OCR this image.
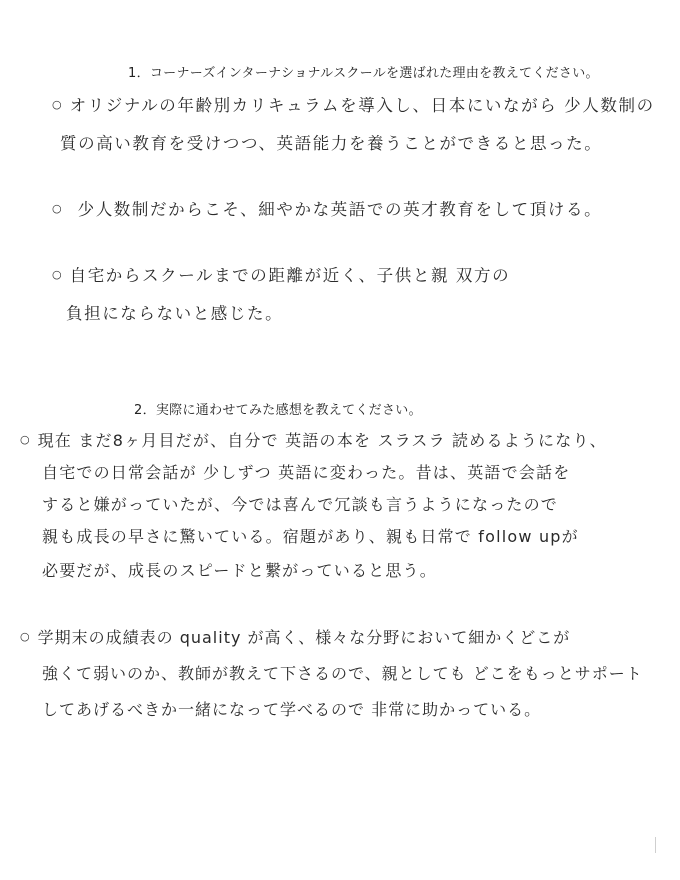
1．コーナーズインターナショナルスクールを選ばれた理由を教えてください。
○ オリジナルの年齢別カリキュラムを導入し、日本にいながら 少人数制の
質の高い教育を受けつつ、英語能力を養うことができると思った。
○ 少人数制だからこそ、細やかな英語での英才教育をして頂ける。
○ 自宅からスクールまでの距離が近く、子供と親 双方の
負担にならないと感じた。
2．実際に通わせてみた感想を教えてください。
○ 現在 まだ8ヶ月目だが、自分で 英語の本を スラスラ 読めるようになり、
自宅での日常会話が 少しずつ 英語に変わった。昔は、英語で会話を
すると嫌がっていたが、今では喜んで冗談も言うようになったので
親も成長の早さに驚いている。宿題があり、親も日常で follow upが
必要だが、成長のスピードと繋がっていると思う。
○ 学期末の成績表の quality が高く、様々な分野において細かくどこが
強くて弱いのか、教師が教えて下さるので、親としても どこをもっとサポート
してあげるべきか一緒になって学べるので 非常に助かっている。
